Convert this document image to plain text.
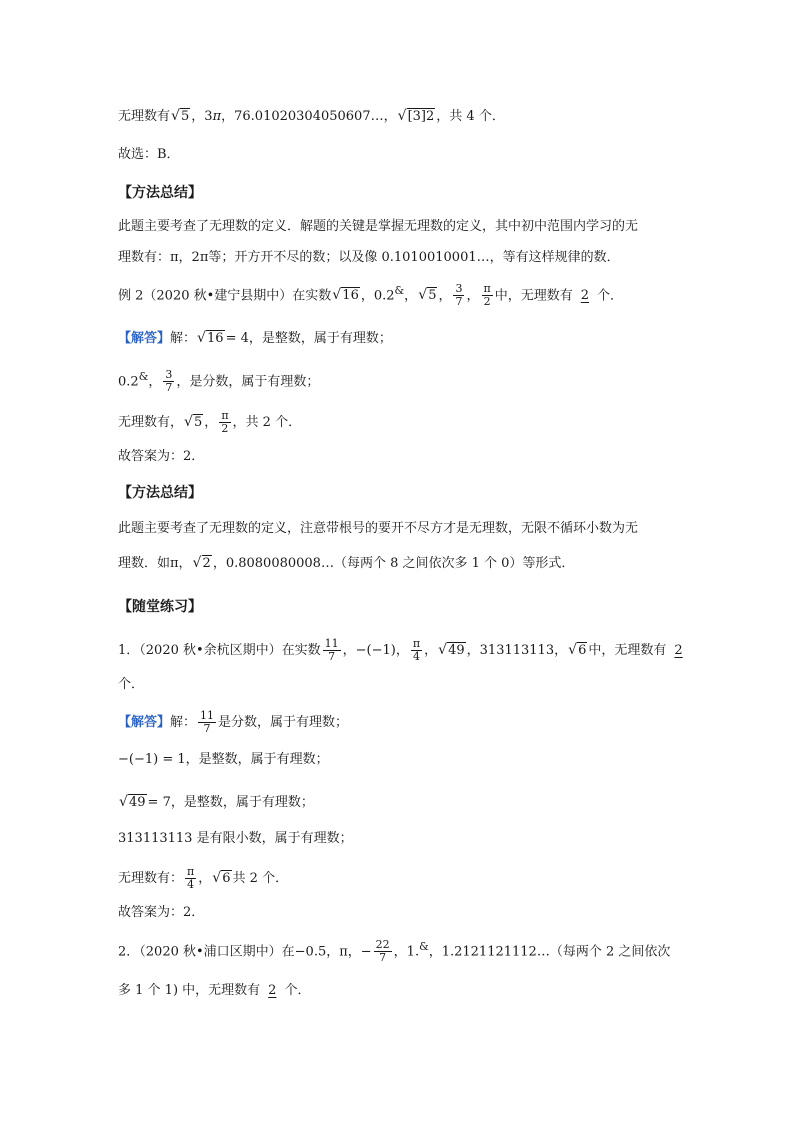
无理数有 √ 5 ，3π，76.01020304050607…， √ [3]2 ，共 4 个．
故选：B．
【方法总结】
此题主要考查了无理数的定义．解题的关键是掌握无理数的定义，其中初中范围内学习的无
理数有：π，2π等；开方开不尽的数；以及像 0.1010010001…，等有这样规律的数．
例 2（2020 秋•建宁县期中）在实数 √ 16 ，0.2&， √ 5 ， $\frac{3}{7}$ ， $\frac{\pi}{2}$ 中，无理数有 2 个．
【解答】解： √ 16 = 4，是整数，属于有理数；
0.2&， $\frac{3}{7}$ ，是分数，属于有理数；
无理数有， √ 5 ， $\frac{\pi}{2}$ ，共 2 个．
故答案为：2．
【方法总结】
此题主要考查了无理数的定义，注意带根号的要开不尽方才是无理数，无限不循环小数为无
理数．如π， √ 2 ，0.8080080008…（每两个 8 之间依次多 1 个 0）等形式．
【随堂练习】
1．（2020 秋•余杭区期中）在实数 $\frac{11}{7}$ ，−(−1)， $\frac{\pi}{4}$ ， √ 49 ，313113113， √ 6 中，无理数有 2
个．
【解答】解： $\frac{11}{7}$ 是分数，属于有理数；
−(−1) = 1，是整数，属于有理数；
√ 49 = 7，是整数，属于有理数；
313113113 是有限小数，属于有理数；
无理数有： $\frac{\pi}{4}$ ， √ 6 共 2 个．
故答案为：2．
2．（2020 秋•浦口区期中）在−0.5，π，− $\frac{22}{7}$ ，1.&，1.2121121112…（每两个 2 之间依次
多 1 个 1) 中，无理数有 2 个．
